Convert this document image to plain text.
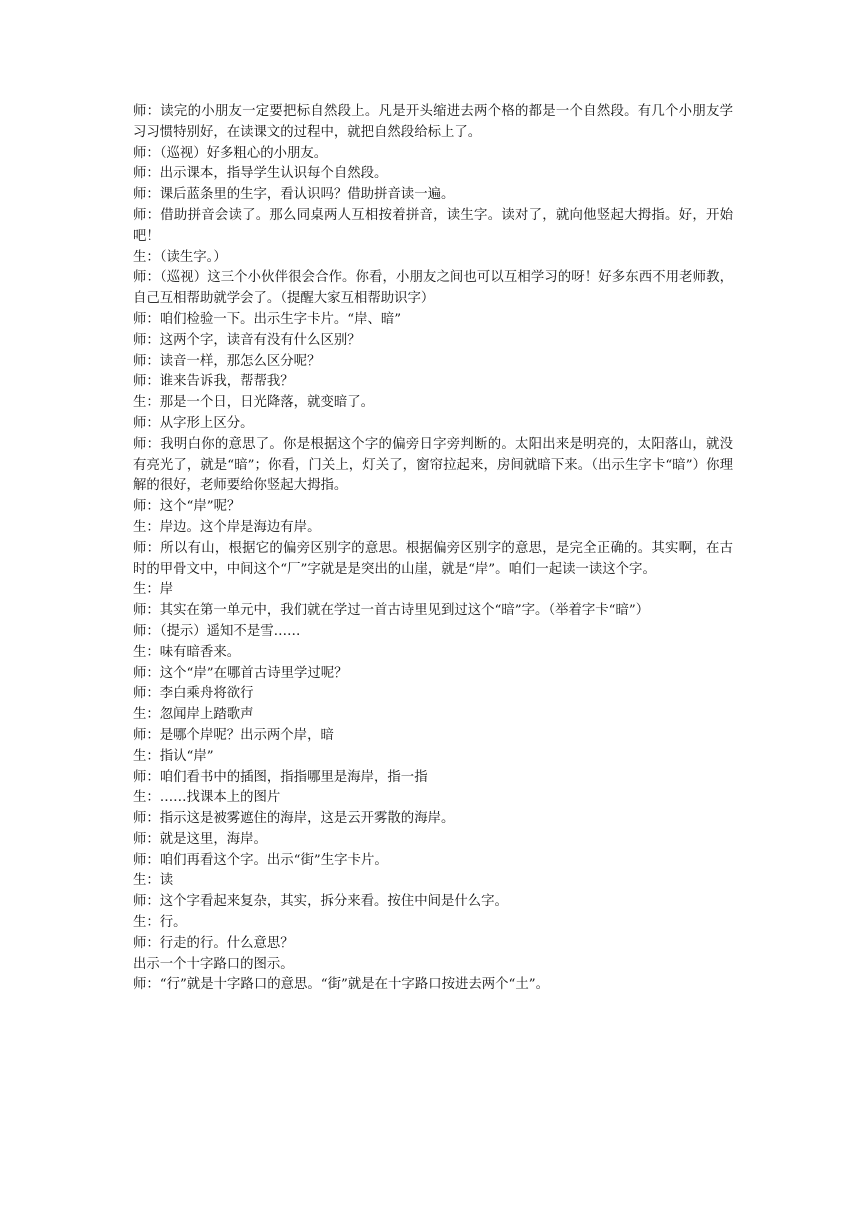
师：读完的小朋友一定要把标自然段上。凡是开头缩进去两个格的都是一个自然段。有几个小朋友学习习惯特别好，在读课文的过程中，就把自然段给标上了。

师：（巡视）好多粗心的小朋友。

师：出示课本，指导学生认识每个自然段。

师：课后蓝条里的生字，看认识吗？借助拼音读一遍。

师：借助拼音会读了。那么同桌两人互相按着拼音，读生字。读对了，就向他竖起大拇指。好，开始吧！

生：（读生字。）

师：（巡视）这三个小伙伴很会合作。你看，小朋友之间也可以互相学习的呀！好多东西不用老师教，自己互相帮助就学会了。（提醒大家互相帮助识字）

师：咱们检验一下。出示生字卡片。“岸、暗”

师：这两个字，读音有没有什么区别？

师：读音一样，那怎么区分呢？

师：谁来告诉我，帮帮我？

生：那是一个日，日光降落，就变暗了。

师：从字形上区分。

师：我明白你的意思了。你是根据这个字的偏旁日字旁判断的。太阳出来是明亮的，太阳落山，就没有亮光了，就是“暗”；你看，门关上，灯关了，窗帘拉起来，房间就暗下来。（出示生字卡“暗”）你理解的很好，老师要给你竖起大拇指。

师：这个“岸”呢？

生：岸边。这个岸是海边有岸。

师：所以有山，根据它的偏旁区别字的意思。根据偏旁区别字的意思，是完全正确的。其实啊，在古时的甲骨文中，中间这个“厂”字就是是突出的山崖，就是“岸”。咱们一起读一读这个字。

生：岸

师：其实在第一单元中，我们就在学过一首古诗里见到过这个“暗”字。（举着字卡“暗”）

师：（提示）遥知不是雪……

生：味有暗香来。

师：这个“岸”在哪首古诗里学过呢？

师：李白乘舟将欲行

生：忽闻岸上踏歌声

师：是哪个岸呢？出示两个岸，暗

生：指认“岸”

师：咱们看书中的插图，指指哪里是海岸，指一指

生：……找课本上的图片

师：指示这是被雾遮住的海岸，这是云开雾散的海岸。

师：就是这里，海岸。

师：咱们再看这个字。出示“街”生字卡片。

生：读

师：这个字看起来复杂，其实，拆分来看。按住中间是什么字。

生：行。

师：行走的行。什么意思？

出示一个十字路口的图示。

师：“行”就是十字路口的意思。“街”就是在十字路口按进去两个“土”。
